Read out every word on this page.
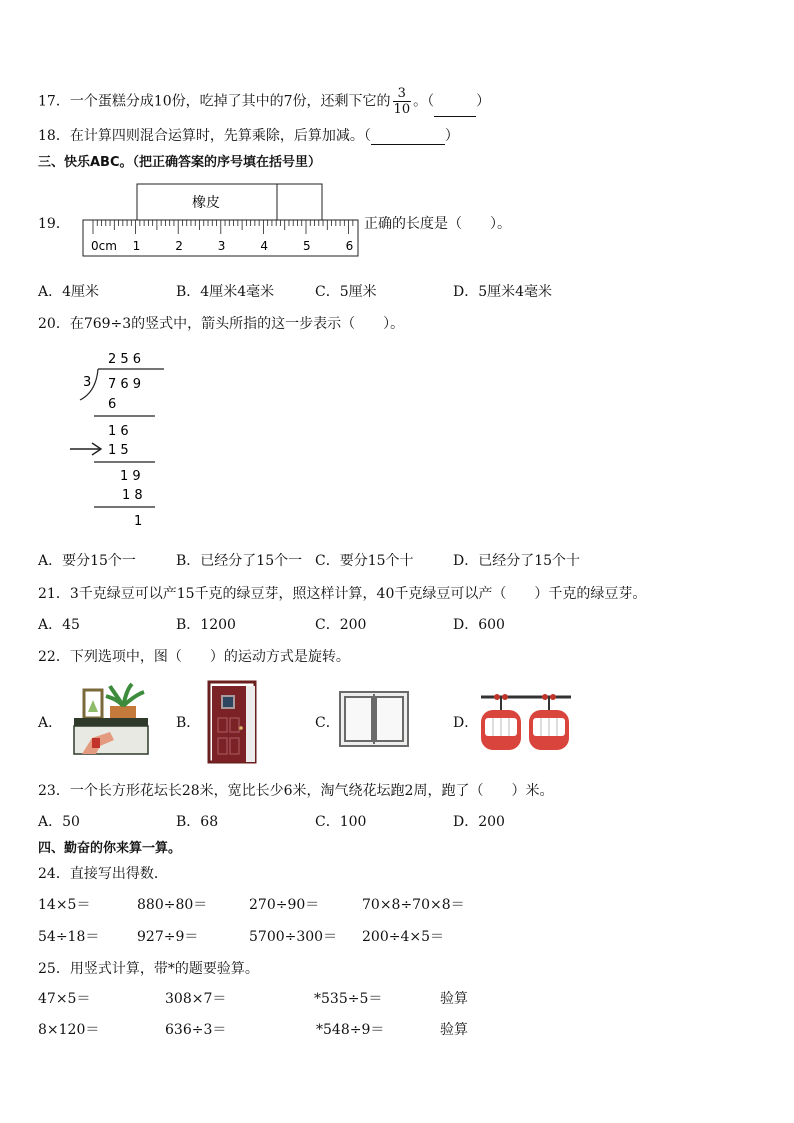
17．一个蛋糕分成10份，吃掉了其中的7份，还剩下它的 $\frac{3}{10}$ 。（	）
18．在计算四则混合运算时，先算乘除，后算加减。（	）
三、快乐ABC。（把正确答案的序号填在括号里）
19．
橡皮
0cm 1	2	3	4	5	6
正确的长度是（　　）。
A．4厘米	B．4厘米4毫米	C．5厘米	D．5厘米4毫米
20．在769÷3的竖式中，箭头所指的这一步表示（　　）。
2 5 6
3 7 6 9
6
1 6
1 5
1 9
1 8
1
A．要分15个一	B．已经分了15个一 C．要分15个十	D．已经分了15个十
21．3千克绿豆可以产15千克的绿豆芽，照这样计算，40千克绿豆可以产（　　）千克的绿豆芽。
A．45	B．1200	C．200	D．600
22．下列选项中，图（　　）的运动方式是旋转。
A．	B．	C．	D．
23．一个长方形花坛长28米，宽比长少6米，淘气绕花坛跑2周，跑了（　　）米。
A．50	B．68	C．100	D．200
四、勤奋的你来算一算。
24．直接写出得数．
14×5＝	880÷80＝	270÷90＝	70×8÷70×8＝
54÷18＝	927÷9＝	5700÷300＝ 200÷4×5＝
25．用竖式计算，带*的题要验算。
47×5＝	308×7＝	*535÷5＝	验算
8×120＝	636÷3＝	*548÷9＝	验算
